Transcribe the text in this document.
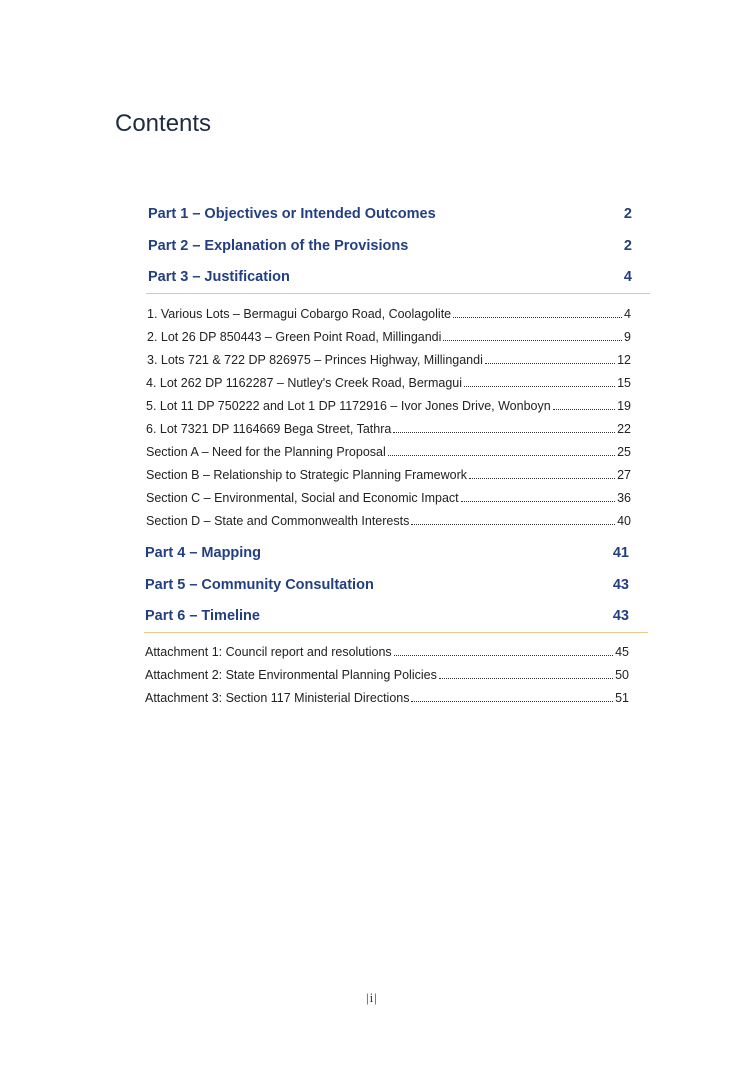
Contents
Part 1 – Objectives or Intended Outcomes	2
Part 2 – Explanation of the Provisions	2
Part 3 – Justification	4
1. Various Lots – Bermagui Cobargo Road, Coolagolite	4
2. Lot 26 DP 850443 – Green Point Road, Millingandi	9
3. Lots 721 & 722 DP 826975 – Princes Highway, Millingandi	12
4. Lot 262 DP 1162287 – Nutley's Creek Road, Bermagui	15
5. Lot 11 DP 750222 and Lot 1 DP 1172916 – Ivor Jones Drive, Wonboyn	19
6. Lot 7321 DP 1164669 Bega Street, Tathra	22
Section A – Need for the Planning Proposal	25
Section B – Relationship to Strategic Planning Framework	27
Section C – Environmental, Social and Economic Impact	36
Section D – State and Commonwealth Interests	40
Part 4 – Mapping	41
Part 5 – Community Consultation	43
Part 6 – Timeline	43
Attachment 1: Council report and resolutions	45
Attachment 2: State Environmental Planning Policies	50
Attachment 3: Section 117 Ministerial Directions	51
|i|
